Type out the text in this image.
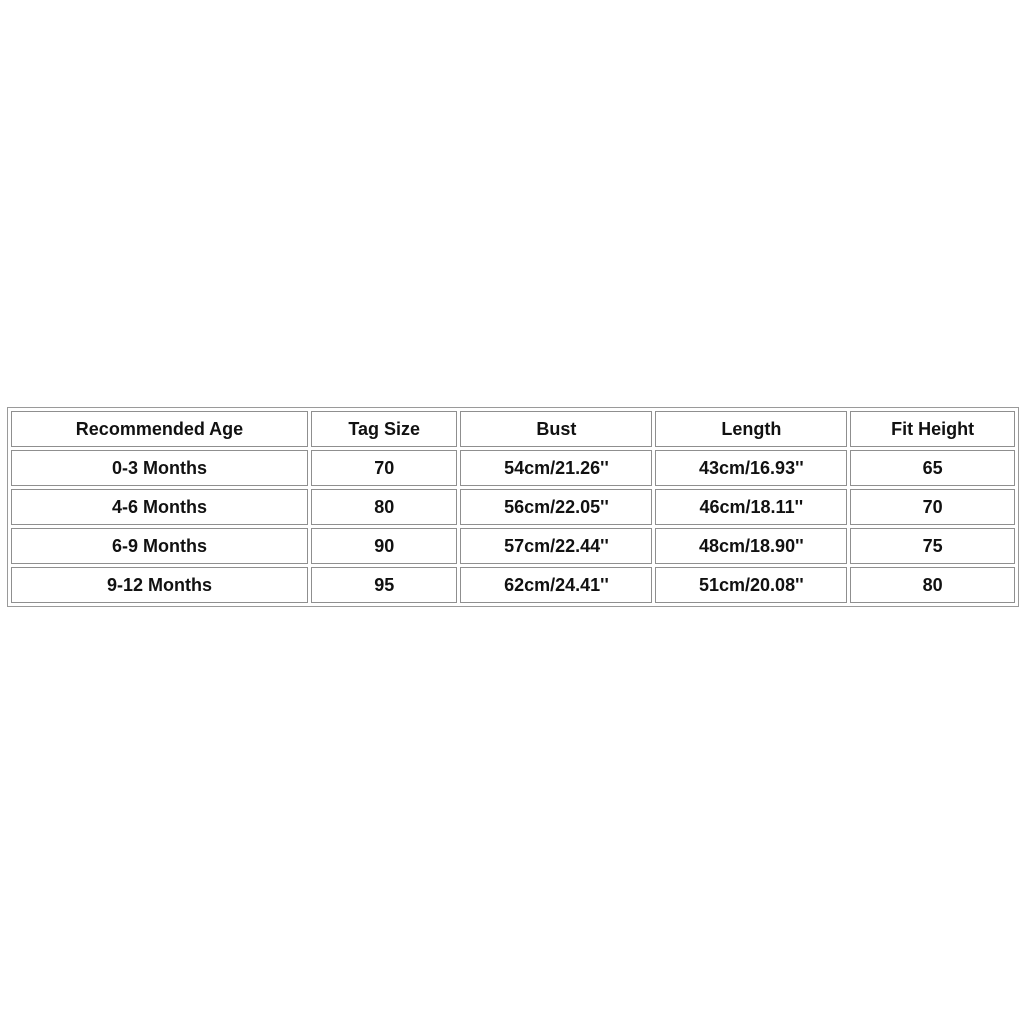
Recommended Age	Tag Size	Bust	Length	Fit Height
0-3 Months	70	54cm/21.26''	43cm/16.93''	65
4-6 Months	80	56cm/22.05''	46cm/18.11''	70
6-9 Months	90	57cm/22.44''	48cm/18.90''	75
9-12 Months	95	62cm/24.41''	51cm/20.08''	80
